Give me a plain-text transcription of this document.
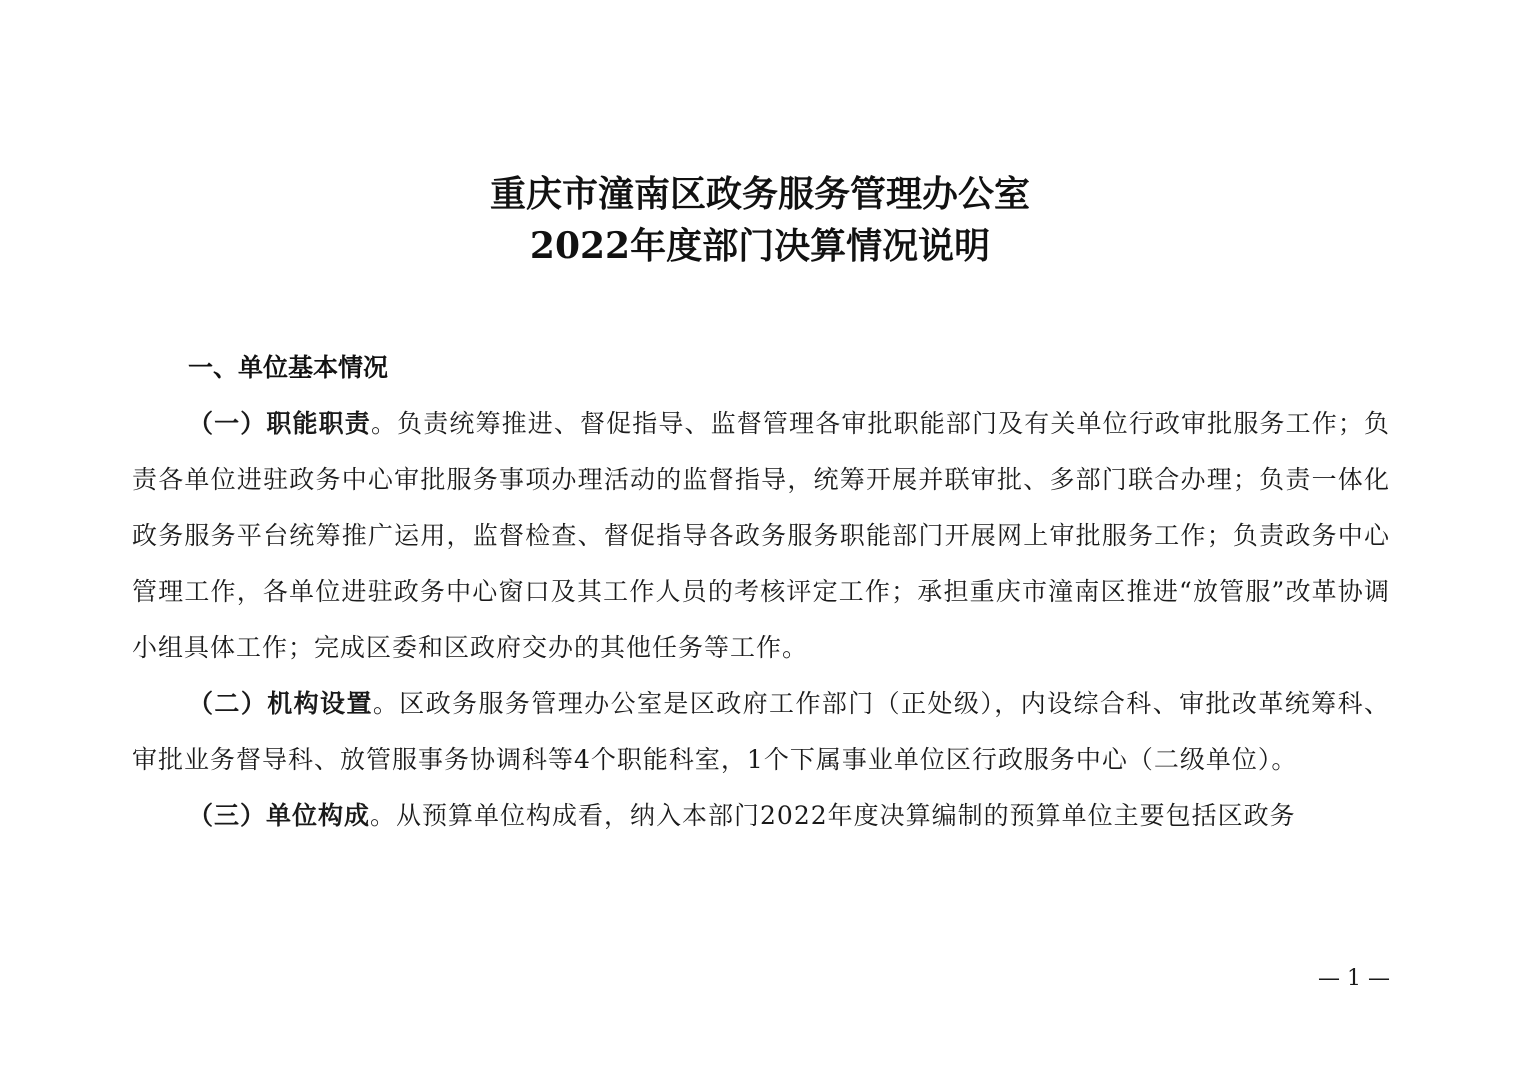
重庆市潼南区政务服务管理办公室
2022年度部门决算情况说明
一、单位基本情况

（一）职能职责。负责统筹推进、督促指导、监督管理各审批职能部门及有关单位行政审批服务工作；负责各单位进驻政务中心审批服务事项办理活动的监督指导，统筹开展并联审批、多部门联合办理；负责一体化政务服务平台统筹推广运用，监督检查、督促指导各政务服务职能部门开展网上审批服务工作；负责政务中心管理工作，各单位进驻政务中心窗口及其工作人员的考核评定工作；承担重庆市潼南区推进“放管服”改革协调小组具体工作；完成区委和区政府交办的其他任务等工作。

（二）机构设置。区政务服务管理办公室是区政府工作部门（正处级），内设综合科、审批改革统筹科、审批业务督导科、放管服事务协调科等4个职能科室，1个下属事业单位区行政服务中心（二级单位）。

（三）单位构成。从预算单位构成看，纳入本部门2022年度决算编制的预算单位主要包括区政务

— 1 —
